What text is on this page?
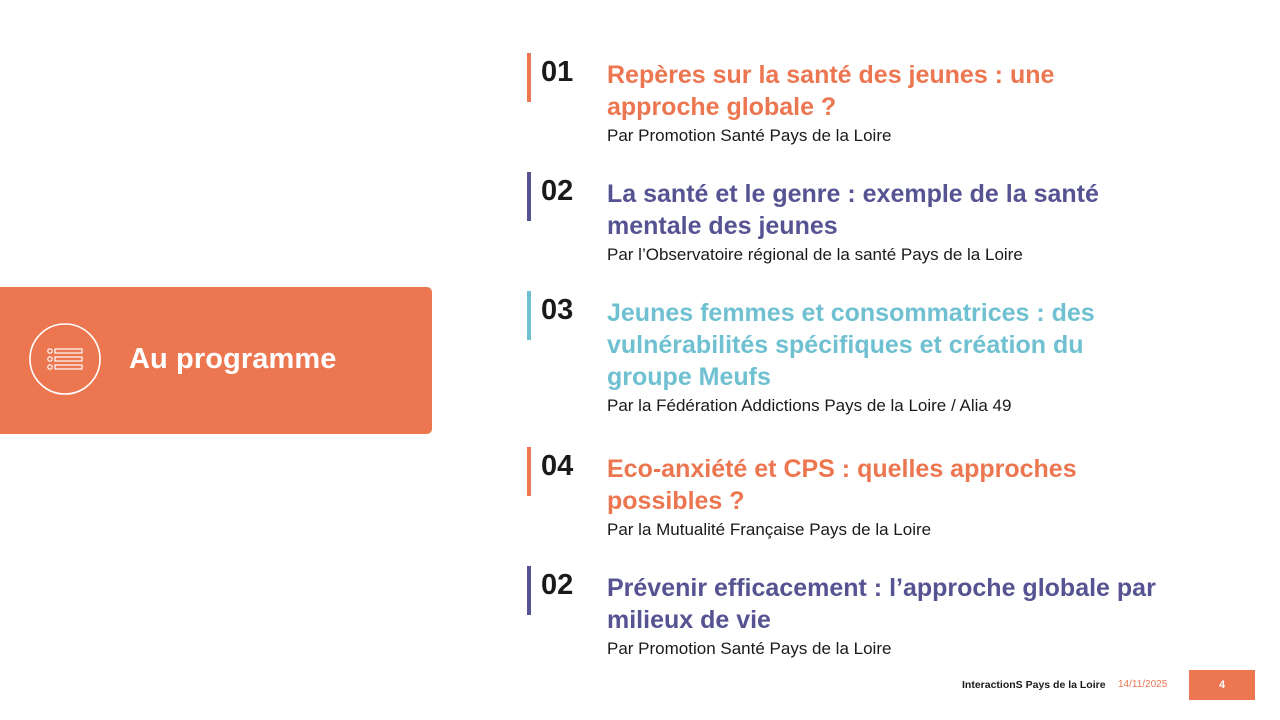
Au programme
01 Repères sur la santé des jeunes : une approche globale ?
Par Promotion Santé Pays de la Loire
02 La santé et le genre : exemple de la santé mentale des jeunes
Par l’Observatoire régional de la santé Pays de la Loire
03 Jeunes femmes et consommatrices : des vulnérabilités spécifiques et création du groupe Meufs
Par la Fédération Addictions Pays de la Loire / Alia 49
04 Eco-anxiété et CPS : quelles approches possibles ?
Par la Mutualité Française Pays de la Loire
02 Prévenir efficacement : l’approche globale par milieux de vie
Par Promotion Santé Pays de la Loire
InteractionS Pays de la Loire 14/11/2025	4
